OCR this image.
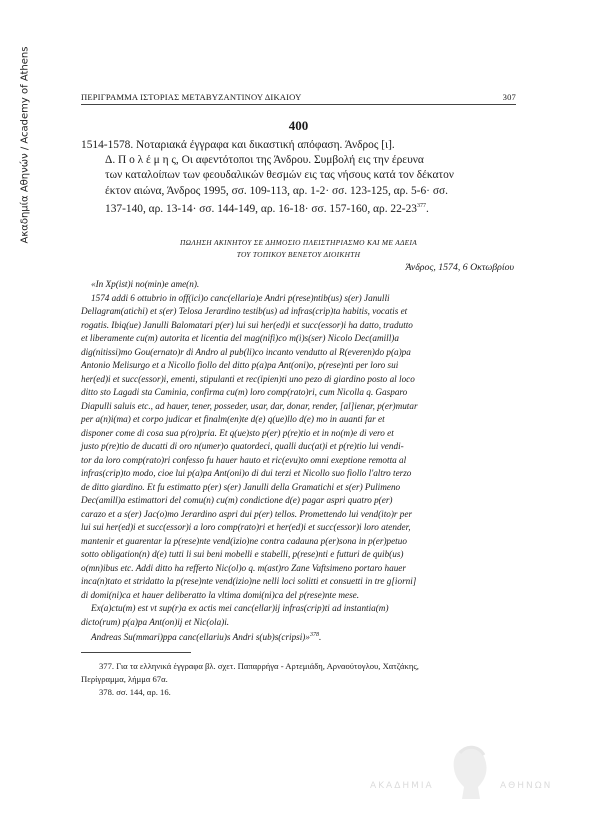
Ακαδημία Αθηνών / Academy of Athens	ΠΕΡΙΓΡΑΜΜΑ ΙΣΤΟΡΙΑΣ ΜΕΤΑΒΥΖΑΝΤΙΝΟΥ ΔΙΚΑΙΟΥ	307
400
1514-1578. Νοταριακά έγγραφα και δικαστική απόφαση. Άνδρος [ι].
Δ. Π ο λ έ μ η ς, Οι αφεντότοποι της Άνδρου. Συμβολή εις την έρευνα
των καταλοίπων των φεουδαλικών θεσμών εις τας νήσους κατά τον δέκατον
έκτον αιώνα, Άνδρος 1995, σσ. 109-113, αρ. 1-2· σσ. 123-125, αρ. 5-6· σσ.
137-140, αρ. 13-14· σσ. 144-149, αρ. 16-18· σσ. 157-160, αρ. $22-23^{377}$.
ΠΩΛΗΣΗ ΑΚΙΝΗΤΟΥ ΣΕ ΔΗΜΟΣΙΟ ΠΛΕΙΣΤΗΡΙΑΣΜΟ ΚΑΙ ΜΕ ΑΔΕΙΑ
ΤΟΥ ΤΟΠΙΚΟΥ ΒΕΝΕΤΟΥ ΔΙΟΙΚΗΤΗ
Άνδρος, 1574, 6 Οκτωβρίου
«In Xp(ist)i no(min)e ame(n).
1574 addi 6 ottubrio in off(ici)o canc(ellaria)e Andri p(rese)ntib(us) s(er) Janulli
Dellagram(atichi) et s(er) Telosa Jerardino testib(us) ad infras(crip)ta habitis, vocatis et
rogatis. Ibiq(ue) Janulli Balomatari p(er) lui sui her(ed)i et succ(essor)i ha datto, tradutto
et liberamente cu(m) autorita et licentia del mag(nifi)co m(i)s(ser) Nicolo Dec(amill)a
dig(nitissi)mo Gou(ernato)r di Andro al pub(li)co incanto vendutto al R(everen)do p(a)pa
Antonio Melisurgo et a Nicollo fiollo del ditto p(a)pa Ant(oni)o, p(rese)nti per loro sui
her(ed)i et succ(essor)i, ementi, stipulanti et rec(ipien)ti uno pezo di giardino posto al loco
ditto sto Lagadi sta Caminia, confirma cu(m) loro comp(rato)ri, cum Nicolla q. Gasparo
Diapulli saluis etc., ad hauer, tener, posseder, usar, dar, donar, render, [al]ienar, p(er)mutar
per a(n)i(ma) et corpo judicar et finalm(en)te d(e) q(ue)llo d(e) mo in auanti far et
disponer come di cosa sua p(ro)pria. Et q(ue)sto p(er) p(re)tio et in no(m)e di vero et
justo p(re)tio de ducatti di oro n(umer)o quatordeci, qualli duc(at)i et p(re)tio lui vendi-
tor da loro comp(rato)ri confesso fu hauer hauto et ric(evu)to omni exeptione remotta al
infras(crip)to modo, cioe lui p(a)pa Ant(oni)o di dui terzi et Nicollo suo fiollo l'altro terzo
de ditto giardino. Et fu estimatto p(er) s(er) Janulli della Gramatichi et s(er) Pulimeno
Dec(amill)a estimattori del comu(n) cu(m) condictione d(e) pagar aspri quatro p(er)
carazo et a s(er) Jac(o)mo Jerardino aspri dui p(er) tellos. Promettendo lui vend(ito)r per
lui sui her(ed)i et succ(essor)i a loro comp(rato)ri et her(ed)i et succ(essor)i loro atender,
mantenir et guarentar la p(rese)nte vend(izio)ne contra cadauna p(er)sona in p(er)petuo
sotto obligation(n) d(e) tutti li sui beni mobelli e stabelli, p(rese)nti e futturi de quib(us)
o(mn)ibus etc. Addi ditto ha refferto Nic(ol)o q. m(ast)ro Zane Vaftsimeno portaro hauer
inca(n)tato et stridatto la p(rese)nte vend(izio)ne nelli loci solitti et consuetti in tre g[iorni]
di domi(ni)ca et hauer deliberatto la vltima domi(ni)ca del p(rese)nte mese.
Ex(a)ctu(m) est vt sup(r)a ex actis mei canc(ellar)ij infras(crip)ti ad instantia(m)
dicto(rum) p(a)pa Ant(on)ij et Nic(ola)i.
Andreas Su(mmari)ppa canc(ellariu)s Andri s(ub)s(cripsi)»$^{378}$.
377. Για τα ελληνικά έγγραφα βλ. σχετ. Παπαρρήγα - Αρτεμιάδη, Αρναούτογλου, Χατζάκης,
Περίγραμμα, λήμμα 67α.
378. σσ. 144, αρ. 16.
ΑΚΑΔΗΜΙΑ	ΑΘΗΝΩΝ
